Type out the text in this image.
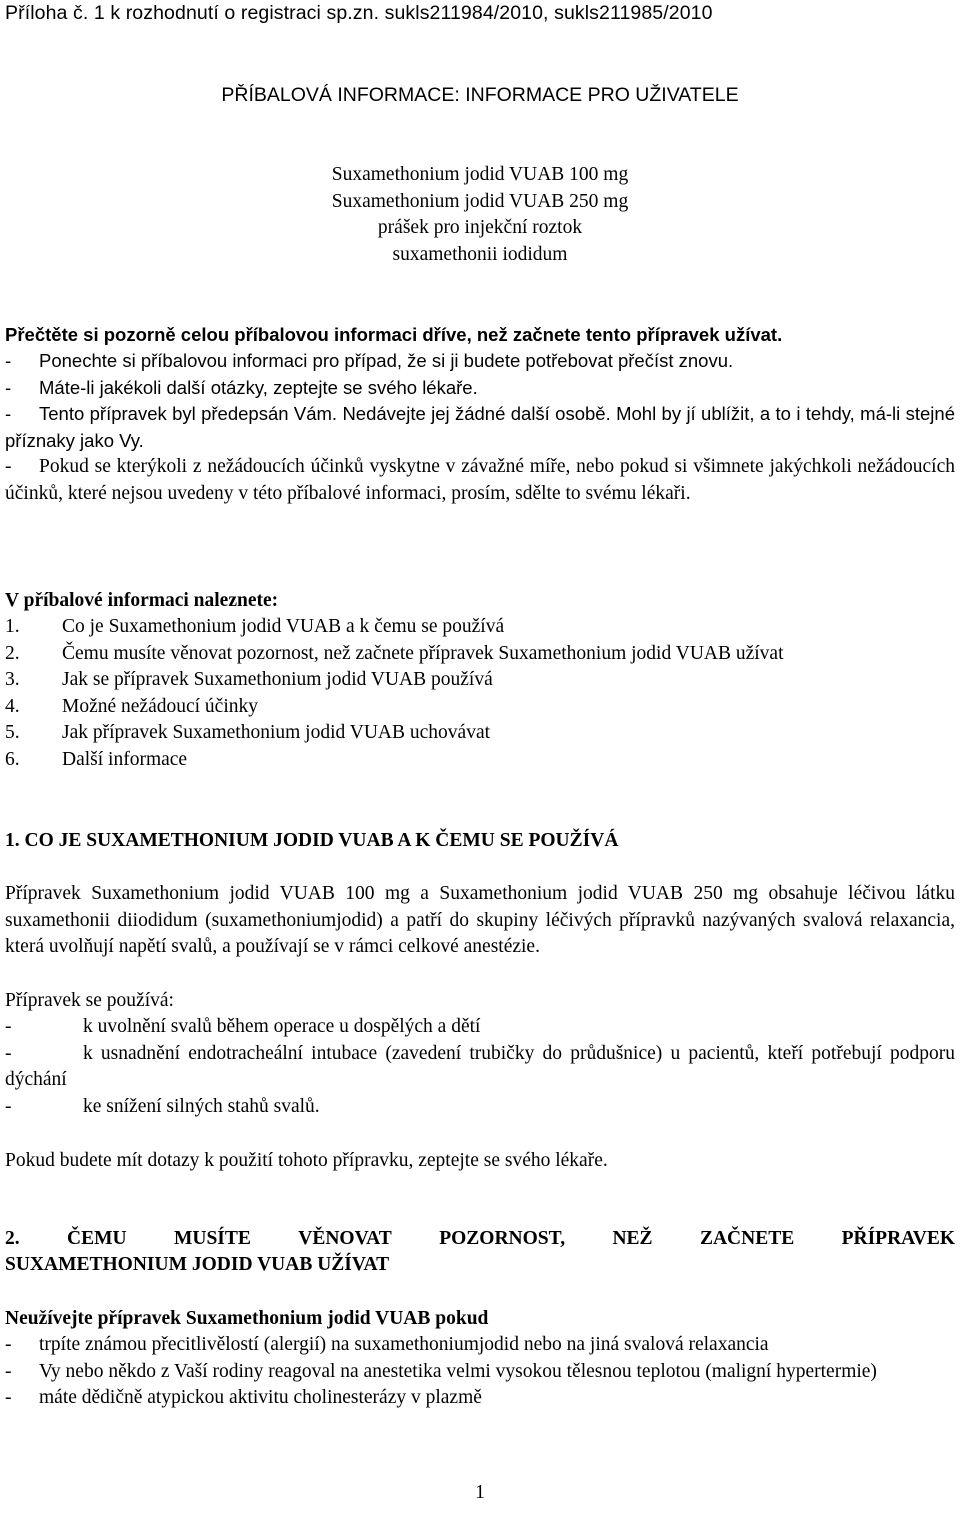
Příloha č. 1 k rozhodnutí o registraci sp.zn. sukls211984/2010, sukls211985/2010
PŘÍBALOVÁ INFORMACE: INFORMACE PRO UŽIVATELE
Suxamethonium jodid VUAB 100 mg
Suxamethonium jodid VUAB 250 mg
prášek pro injekční roztok
suxamethonii iodidum
Přečtěte si pozorně celou příbalovou informaci dříve, než začnete tento přípravek užívat.
- Ponechte si příbalovou informaci pro případ, že si ji budete potřebovat přečíst znovu.
- Máte-li jakékoli další otázky, zeptejte se svého lékaře.
- Tento přípravek byl předepsán Vám. Nedávejte jej žádné další osobě. Mohl by jí ublížit, a to i tehdy, má-li stejné příznaky jako Vy.
- Pokud se kterýkoli z nežádoucích účinků vyskytne v závažné míře, nebo pokud si všimnete jakýchkoli nežádoucích účinků, které nejsou uvedeny v této příbalové informaci, prosím, sdělte to svému lékaři.
V příbalové informaci naleznete:
1. Co je Suxamethonium jodid VUAB a k čemu se používá
2. Čemu musíte věnovat pozornost, než začnete přípravek Suxamethonium jodid VUAB užívat
3. Jak se přípravek Suxamethonium jodid VUAB používá
4. Možné nežádoucí účinky
5. Jak přípravek Suxamethonium jodid VUAB uchovávat
6. Další informace
1. CO JE SUXAMETHONIUM JODID VUAB A K ČEMU SE POUŽÍVÁ
Přípravek Suxamethonium jodid VUAB 100 mg a Suxamethonium jodid VUAB 250 mg obsahuje léčivou látku suxamethonii diiodidum (suxamethoniumjodid) a patří do skupiny léčivých přípravků nazývaných svalová relaxancia, která uvolňují napětí svalů, a používají se v rámci celkové anestézie.
Přípravek se používá:
-	k uvolnění svalů během operace u dospělých a dětí
-	k usnadnění endotracheální intubace (zavedení trubičky do průdušnice) u pacientů, kteří potřebují podporu dýchání
-	ke snížení silných stahů svalů.
Pokud budete mít dotazy k použití tohoto přípravku, zeptejte se svého lékaře.
2. ČEMU MUSÍTE VĚNOVAT POZORNOST, NEŽ ZAČNETE PŘÍPRAVEK
SUXAMETHONIUM JODID VUAB UŽÍVAT
Neužívejte přípravek Suxamethonium jodid VUAB pokud
- trpíte známou přecitlivělostí (alergií) na suxamethoniumjodid nebo na jiná svalová relaxancia
- Vy nebo někdo z Vaší rodiny reagoval na anestetika velmi vysokou tělesnou teplotou (maligní hypertermie)
- máte dědičně atypickou aktivitu cholinesterázy v plazmě
1
